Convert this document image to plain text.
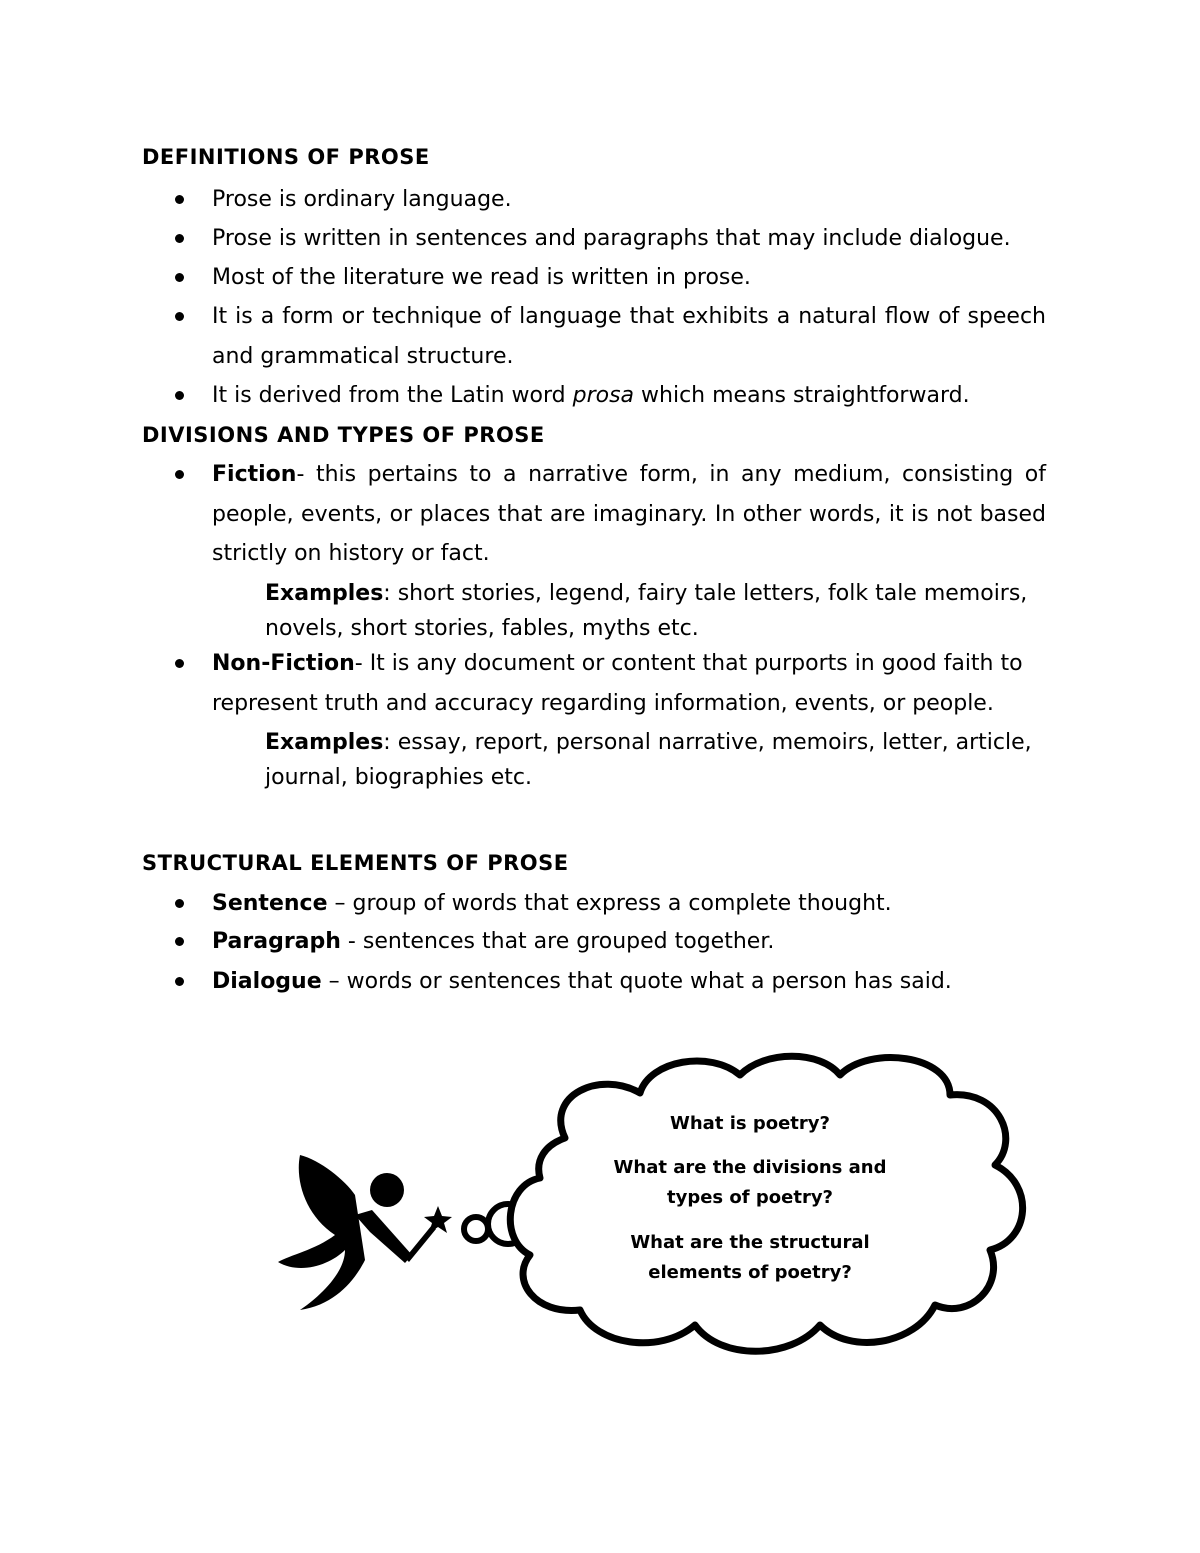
DEFINITIONS OF PROSE

Prose is ordinary language.

Prose is written in sentences and paragraphs that may include dialogue.

Most of the literature we read is written in prose.

It is a form or technique of language that exhibits a natural flow of speech and grammatical structure.

It is derived from the Latin word prosa which means straightforward.

DIVISIONS AND TYPES OF PROSE

Fiction- this pertains to a narrative form, in any medium, consisting of people, events, or places that are imaginary. In other words, it is not based strictly on history or fact.

Examples: short stories, legend, fairy tale letters, folk tale memoirs, novels, short stories, fables, myths etc.

Non-Fiction- It is any document or content that purports in good faith to represent truth and accuracy regarding information, events, or people.

Examples: essay, report, personal narrative, memoirs, letter, article, journal, biographies etc.

STRUCTURAL ELEMENTS OF PROSE

Sentence – group of words that express a complete thought.

Paragraph - sentences that are grouped together.

Dialogue – words or sentences that quote what a person has said.

What is poetry?

What are the divisions and types of poetry?

What are the structural elements of poetry?
